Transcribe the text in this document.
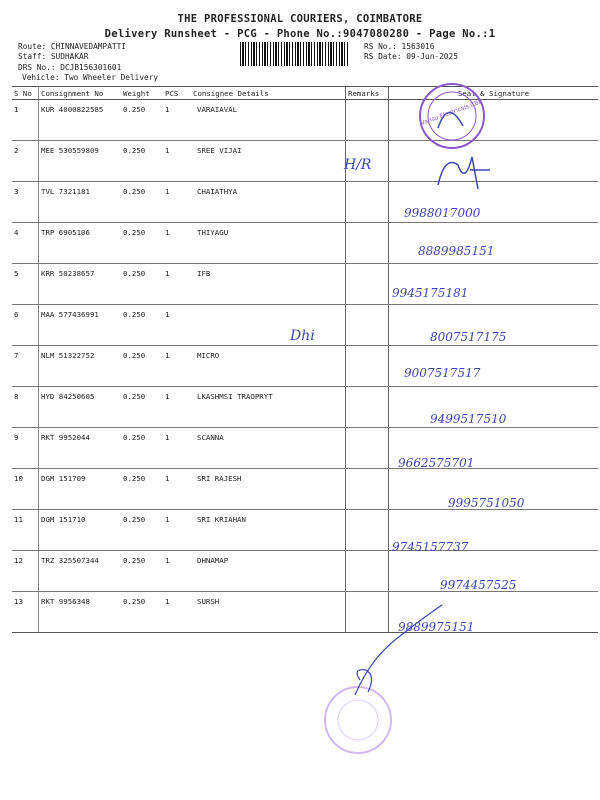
THE PROFESSIONAL COURIERS, COIMBATORE
Delivery Runsheet - PCG - Phone No.:9047080280 - Page No.:1
Route: CHINNAVEDAMPATTI
Staff: SUDHAKAR
DRS No.: DCJB156301601
Vehicle: Two Wheeler Delivery
RS No.: 1563016
RS Date: 09-Jun-2025
S No	Consignment No	Weight	PCS	Consignee Details	Remarks	Seal & Signature
1	KUR 4000822585	0.250	1	VARAIAVAL		
2	MEE 530559809	0.250	1	SREE VIJAI		
3	TVL 7321181	0.250	1	CHAIATHYA		
4	TRP 6905106	0.250	1	THIYAGU		
5	KRR 50238657	0.250	1	IFB		
6	MAA 577436991	0.250	1			
7	NLM 51322752	0.250	1	MICRO		
8	HYD 84250605	0.250	1	LKASHMSI TRAOPRYT		
9	RKT 9952044	0.250	1	SCANNA		
10	DGM 151709	0.250	1	SRI RAJESH		
11	DGM 151710	0.250	1	SRI KRIAHAN		
12	TRZ 325507344	0.250	1	DHNAMAP		
13	RKT 9956348	0.250	1	SURSH		
Varisu Electricals CBE
H/R
Dhi
9988017000
8889985151
9945175181
8007517175
9007517517
9499517510
9662575701
9995751050
9745157737
9974457525
9889975151
